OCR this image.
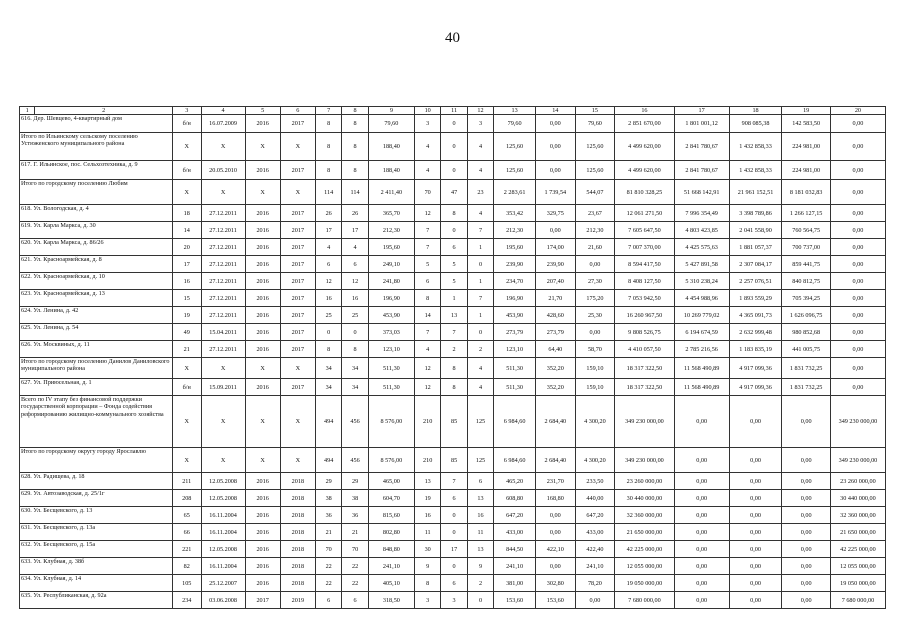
40
1	2	3	4	5	6	7	8	9	10	11	12	13	14	15	16	17	18	19	20
616. Дер. Шевцево, 4-квартирный дом		б/н	16.07.2009	2016	2017	8	8	79,60	3	0	3	79,60	0,00	79,60	2 851 670,00	1 801 001,12	908 085,38	142 583,50	0,00
Итого по Ильинскому сельскому поселению Устюженского муниципального района		X	X	X	X	8	8	188,40	4	0	4	125,60	0,00	125,60	4 499 620,00	2 841 780,67	1 432 858,33	224 981,00	0,00
617. Г. Ильинское, пос. Сельхозтехника, д. 9		б/н	20.05.2010	2016	2017	8	8	188,40	4	0	4	125,60	0,00	125,60	4 499 620,00	2 841 780,67	1 432 858,33	224 981,00	0,00
Итого по городскому поселению Любим		X	X	X	X	114	114	2 411,40	70	47	23	2 283,61	1 739,54	544,07	81 810 328,25	51 668 142,91	21 961 152,51	8 181 032,83	0,00
618. Ул. Вологодская, д. 4		18	27.12.2011	2016	2017	26	26	365,70	12	8	4	353,42	329,75	23,67	12 061 271,50	7 996 354,49	3 398 789,86	1 266 127,15	0,00
619. Ул. Карла Маркса, д. 30		14	27.12.2011	2016	2017	17	17	212,30	7	0	7	212,30	0,00	212,30	7 605 647,50	4 803 423,85	2 041 558,90	760 564,75	0,00
620. Ул. Карла Маркса, д. 86/26		20	27.12.2011	2016	2017	4	4	195,60	7	6	1	195,60	174,00	21,60	7 007 370,00	4 425 575,63	1 881 057,37	700 737,00	0,00
621. Ул. Красноармейская, д. 8		17	27.12.2011	2016	2017	6	6	249,10	5	5	0	239,90	239,90	0,00	8 594 417,50	5 427 891,58	2 307 084,17	859 441,75	0,00
622. Ул. Красноармейская, д. 10		16	27.12.2011	2016	2017	12	12	241,80	6	5	1	234,70	207,40	27,30	8 408 127,50	5 310 238,24	2 257 076,51	840 812,75	0,00
623. Ул. Красноармейская, д. 13		15	27.12.2011	2016	2017	16	16	196,90	8	1	7	196,90	21,70	175,20	7 053 942,50	4 454 988,96	1 893 559,29	705 394,25	0,00
624. Ул. Ленина, д. 42		19	27.12.2011	2016	2017	25	25	453,90	14	13	1	453,90	428,60	25,30	16 260 967,50	10 269 779,02	4 365 091,73	1 626 096,75	0,00
625. Ул. Ленина, д. 54		49	15.04.2011	2016	2017	0	0	373,03	7	7	0	273,79	273,79	0,00	9 808 526,75	6 194 674,59	2 632 999,48	980 852,68	0,00
626. Ул. Москвиных, д. 11		21	27.12.2011	2016	2017	8	8	123,10	4	2	2	123,10	64,40	58,70	4 410 057,50	2 785 216,56	1 183 835,19	441 005,75	0,00
Итого по городскому поселению Данилов Даниловского муниципального района		X	X	X	X	34	34	511,30	12	8	4	511,30	352,20	159,10	18 317 322,50	11 568 490,89	4 917 099,36	1 831 732,25	0,00
627. Ул. Приюсельная, д. 1		б/н	15.09.2011	2016	2017	34	34	511,30	12	8	4	511,30	352,20	159,10	18 317 322,50	11 568 490,89	4 917 099,36	1 831 732,25	0,00
Всего по IV этапу без финансовой поддержки государственной корпорации – Фонда содействия реформированию жилищно-коммунального хозяйства		X	X	X	X	494	456	8 576,00	210	85	125	6 984,60	2 684,40	4 300,20	349 230 000,00	0,00	0,00	0,00	349 230 000,00
Итого по городскому округу городу Ярославлю		X	X	X	X	494	456	8 576,00	210	85	125	6 984,60	2 684,40	4 300,20	349 230 000,00	0,00	0,00	0,00	349 230 000,00
628. Ул. Радищева, д. 18		211	12.05.2008	2016	2018	29	29	465,00	13	7	6	465,20	231,70	233,50	23 260 000,00	0,00	0,00	0,00	23 260 000,00
629. Ул. Автозаводская, д. 25/1г		208	12.05.2008	2016	2018	38	38	604,70	19	6	13	608,80	168,80	440,00	30 440 000,00	0,00	0,00	0,00	30 440 000,00
630. Ул. Бесщевского, д. 13		65	16.11.2004	2016	2018	36	36	815,60	16	0	16	647,20	0,00	647,20	32 360 000,00	0,00	0,00	0,00	32 360 000,00
631. Ул. Бесщевского, д. 13а		66	16.11.2004	2016	2018	21	21	802,80	11	0	11	433,00	0,00	433,00	21 650 000,00	0,00	0,00	0,00	21 650 000,00
632. Ул. Бесщевского, д. 15а		221	12.05.2008	2016	2018	70	70	848,80	30	17	13	844,50	422,10	422,40	42 225 000,00	0,00	0,00	0,00	42 225 000,00
633. Ул. Клубная, д. 38б		82	16.11.2004	2016	2018	22	22	241,10	9	0	9	241,10	0,00	241,10	12 055 000,00	0,00	0,00	0,00	12 055 000,00
634. Ул. Клубная, д. 14		105	25.12.2007	2016	2018	22	22	405,10	8	6	2	381,00	302,80	78,20	19 050 000,00	0,00	0,00	0,00	19 050 000,00
635. Ул. Республиканская, д. 92а		234	03.06.2008	2017	2019	6	6	318,50	3	3	0	153,60	153,60	0,00	7 680 000,00	0,00	0,00	0,00	7 680 000,00
